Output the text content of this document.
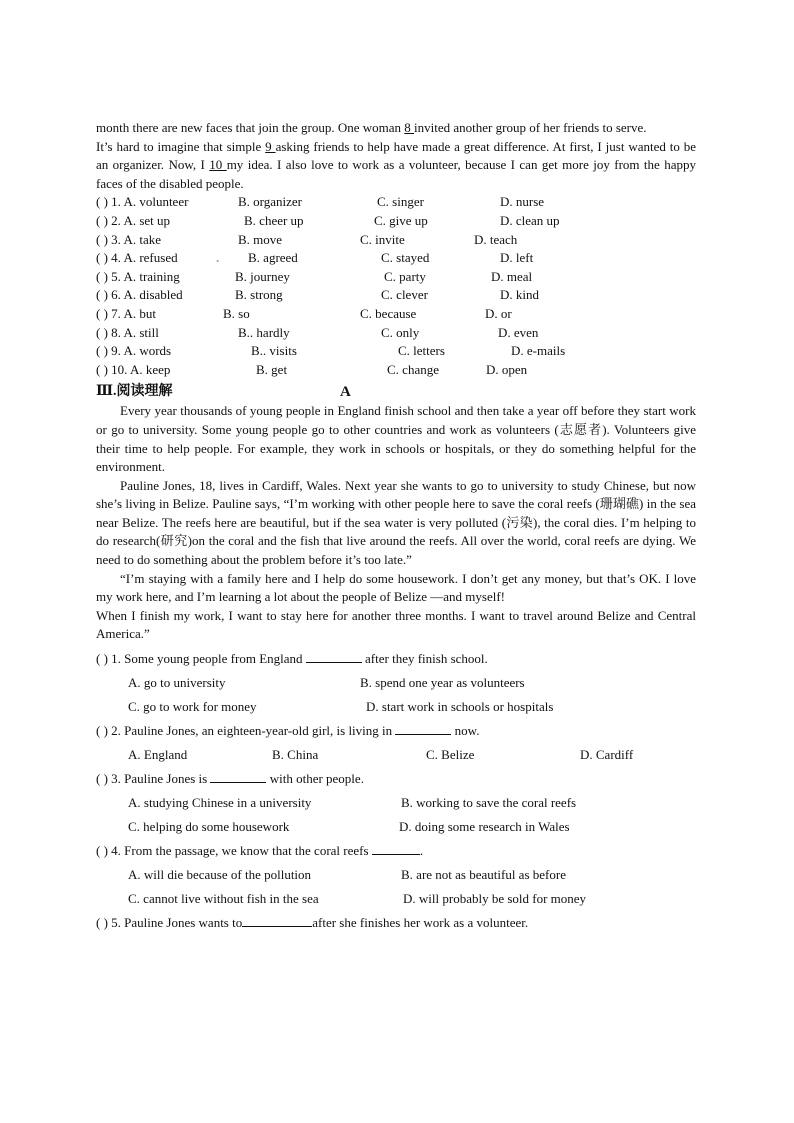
month there are new faces that join the group. One woman 8 invited another group of her friends to serve.

It’s hard to imagine that simple 9 asking friends to help have made a great difference. At first, I just wanted to be an organizer. Now, I 10 my idea. I also love to work as a volunteer, because I can get more joy from the happy faces of the disabled people.

( ) 1. A. volunteer	B. organizer	C. singer	D. nurse
( ) 2. A. set up	B. cheer up	C. give up	D. clean up
( ) 3. A. take	B. move	C. invite	D. teach
( ) 4. A. refused	. B. agreed	C. stayed	D. left
( ) 5. A. training	B. journey	C. party	D. meal
( ) 6. A. disabled	B. strong	C. clever	D. kind
( ) 7. A. but	B. so	C. because	D. or
( ) 8. A. still	B.. hardly	C. only	D. even
( ) 9. A. words	B.. visits	C. letters	D. e-mails
( ) 10. A. keep	B. get	C. change	D. open
Ⅲ.阅读理解	A

Every year thousands of young people in England finish school and then take a year off before they start work or go to university. Some young people go to other countries and work as volunteers (志愿者). Volunteers give their time to help people. For example, they work in schools or hospitals, or they do something helpful for the environment.

Pauline Jones, 18, lives in Cardiff, Wales. Next year she wants to go to university to study Chinese, but now she’s living in Belize. Pauline says, “I’m working with other people here to save the coral reefs (珊瑚礁) in the sea near Belize. The reefs here are beautiful, but if the sea water is very polluted (污染), the coral dies. I’m helping to do research(研究)on the coral and the fish that live around the reefs. All over the world, coral reefs are dying. We need to do something about the problem before it’s too late.”

“I’m staying with a family here and I help do some housework. I don’t get any money, but that’s OK. I love my work here, and I’m learning a lot about the people of Belize —and myself!

When I finish my work, I want to stay here for another three months. I want to travel around Belize and Central America.”

( ) 1. Some young people from England	after they finish school.
A. go to university	B. spend one year as volunteers
C. go to work for money	D. start work in schools or hospitals
( ) 2. Pauline Jones, an eighteen-year-old girl, is living in	now.
A. England	B. China	C. Belize	D. Cardiff
( ) 3. Pauline Jones is	with other people.
A. studying Chinese in a university	B. working to save the coral reefs
C. helping do some housework	D. doing some research in Wales
( ) 4. From the passage, we know that the coral reefs	.
A. will die because of the pollution	B. are not as beautiful as before
C. cannot live without fish in the sea	D. will probably be sold for money
( ) 5. Pauline Jones wants to	after she finishes her work as a volunteer.
